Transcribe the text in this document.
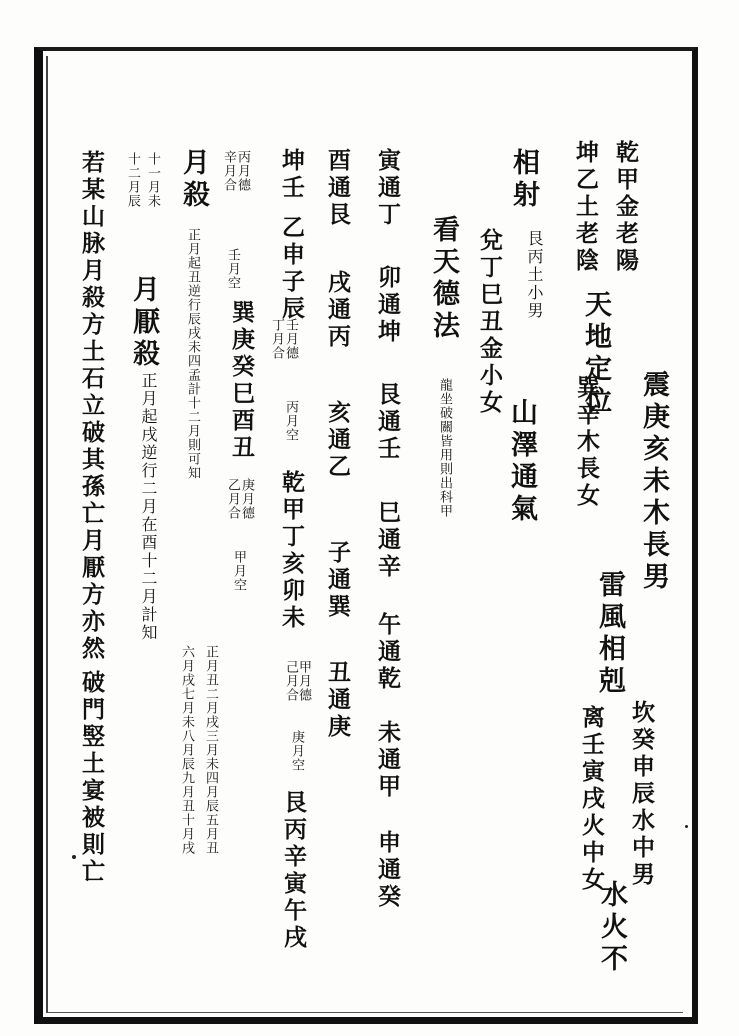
乾甲金老陽
坤乙土老陰
天地定位
相射
艮丙土小男
兌丁巳丑金小女
山澤通氣
看天德法
龍坐破關皆用則出科甲
寅通丁
卯通坤
艮通壬
巳通辛
午通乾
未通甲
申通癸
酉通艮
戌通丙
亥通乙
子通巽
丑通庚
坤壬
乙申子辰
壬月德
丁月合
丙月空
乾甲丁亥卯未
甲月德
己月合
庚月空
艮丙辛寅午戌
丙月德
辛月合
壬月空
巽庚癸巳酉丑
庚月德
乙月合
甲月空
月殺
正月起丑逆行辰戌未四孟計十二月則可知
正月丑二月戌三月未四月辰五月丑
六月戌七月未八月辰九月丑十月戌
十一月未
十二月辰
月厭殺
正月起戌逆行二月在酉十二月計知
若某山脉月殺方土石立破其孫亡月厭方亦然
破門竪土宴被則亡
震庚亥未木長男
巽辛木長女
雷風相剋
坎癸申辰水中男
离壬寅戌火中女
水火不
